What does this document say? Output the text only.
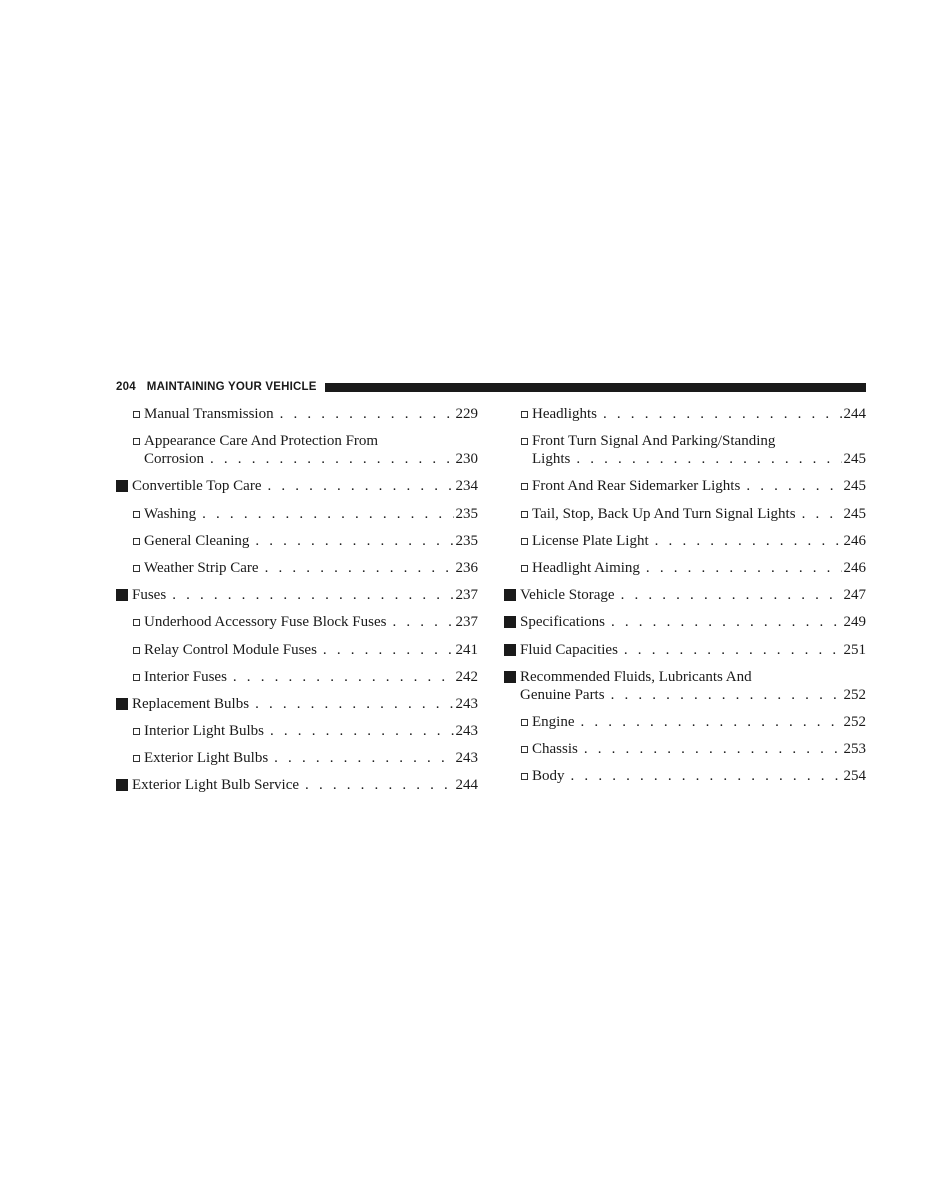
204 MAINTAINING YOUR VEHICLE
Manual Transmission . . .	229
Appearance Care And Protection From
Corrosion . . .	230
Convertible Top Care . . .	234
Washing . . .	235
General Cleaning . . .	235
Weather Strip Care . . .	236
Fuses . . .	237
Underhood Accessory Fuse Block Fuses . . .	237
Relay Control Module Fuses . . .	241
Interior Fuses . . .	242
Replacement Bulbs . . .	243
Interior Light Bulbs . . .	243
Exterior Light Bulbs . . .	243
Exterior Light Bulb Service . . .	244
Headlights . . .	244
Front Turn Signal And Parking/Standing
Lights . . .	245
Front And Rear Sidemarker Lights . . .	245
Tail, Stop, Back Up And Turn Signal Lights . . .	245
License Plate Light . . .	246
Headlight Aiming . . .	246
Vehicle Storage . . .	247
Specifications . . .	249
Fluid Capacities . . .	251
Recommended Fluids, Lubricants And
Genuine Parts . . .	252
Engine . . .	252
Chassis . . .	253
Body . . .	254
